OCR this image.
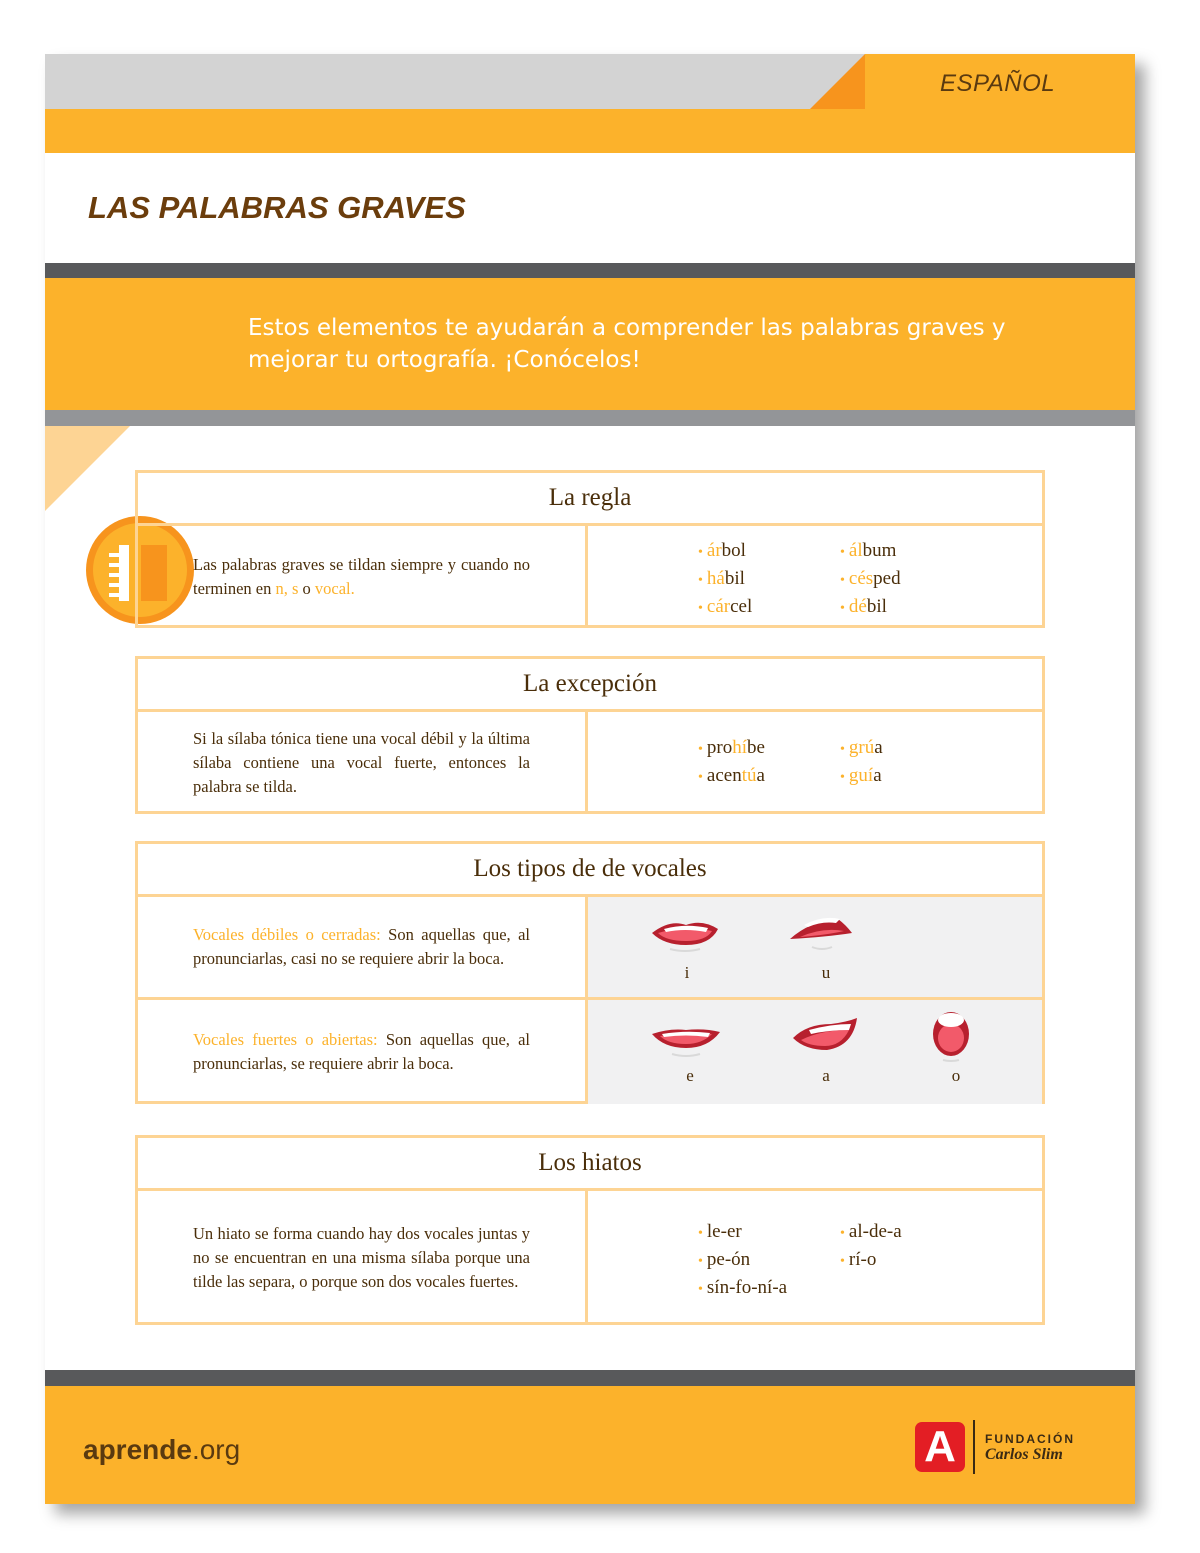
ESPAÑOL
LAS PALABRAS GRAVES
Estos elementos te ayudarán a comprender las palabras graves y mejorar tu ortografía. ¡Conócelos!
La regla
Las palabras graves se tildan siempre y cuando no terminen en n, s o vocal.
• árbol
• hábil
• cárcel
• álbum
• césped
• débil
La excepción
Si la sílaba tónica tiene una vocal débil y la última sílaba contiene una vocal fuerte, entonces la palabra se tilda.
• prohíbe
• acentúa
• grúa
• guía
Los tipos de de vocales
Vocales débiles o cerradas: Son aquellas que, al pronunciarlas, casi no se requiere abrir la boca.
i	u
Vocales fuertes o abiertas: Son aquellas que, al pronunciarlas, se requiere abrir la boca.
e	a	o
Los hiatos
Un hiato se forma cuando hay dos vocales juntas y no se encuentran en una misma sílaba porque una tilde las separa, o porque son dos vocales fuertes.
• le-er
• pe-ón
• sín-fo-ní-a
• al-de-a
• rí-o
aprende.org	A	FUNDACIÓN
Carlos Slim
